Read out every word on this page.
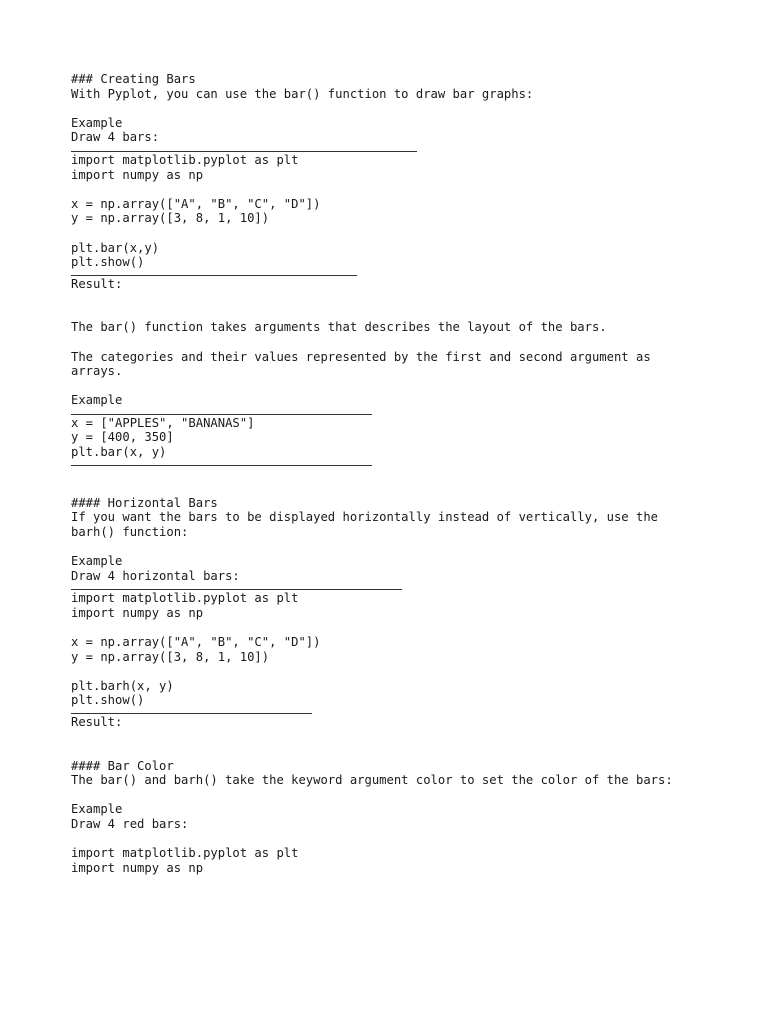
### Creating Bars
With Pyplot, you can use the bar() function to draw bar graphs:
Example
Draw 4 bars:
import matplotlib.pyplot as plt
import numpy as np
x = np.array(["A", "B", "C", "D"])
y = np.array([3, 8, 1, 10])
plt.bar(x,y)
plt.show()
Result:
The bar() function takes arguments that describes the layout of the bars.
The categories and their values represented by the first and second argument as
arrays.
Example
x = ["APPLES", "BANANAS"]
y = [400, 350]
plt.bar(x, y)
#### Horizontal Bars
If you want the bars to be displayed horizontally instead of vertically, use the
barh() function:
Example
Draw 4 horizontal bars:
import matplotlib.pyplot as plt
import numpy as np
x = np.array(["A", "B", "C", "D"])
y = np.array([3, 8, 1, 10])
plt.barh(x, y)
plt.show()
Result:
#### Bar Color
The bar() and barh() take the keyword argument color to set the color of the bars:
Example
Draw 4 red bars:
import matplotlib.pyplot as plt
import numpy as np
